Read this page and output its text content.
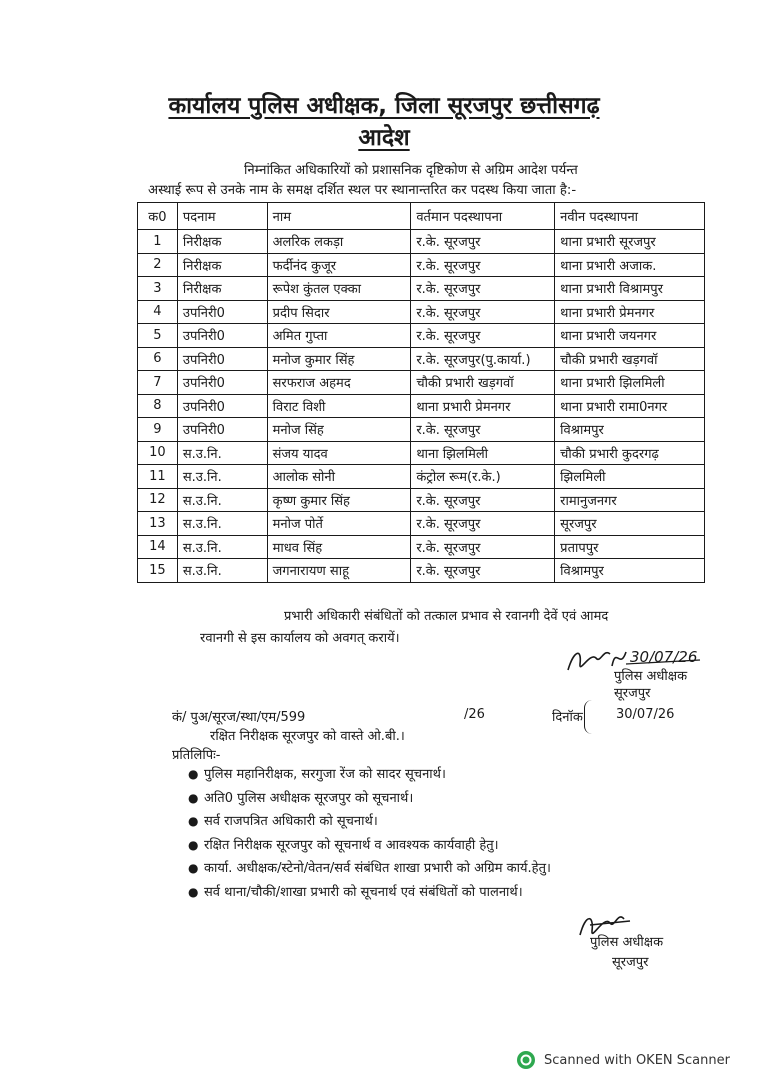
कार्यालय पुलिस अधीक्षक, जिला सूरजपुर छत्तीसगढ़
आदेश
निम्नांकित अधिकारियों को प्रशासनिक दृष्टिकोण से अग्रिम आदेश पर्यन्त
अस्थाई रूप से उनके नाम के समक्ष दर्शित स्थल पर स्थानान्तरित कर पदस्थ किया जाता है:-
क0	पदनाम	नाम	वर्तमान पदस्थापना	नवीन पदस्थापना
1	निरीक्षक	अलरिक लकड़ा	र.के. सूरजपुर	थाना प्रभारी सूरजपुर
2	निरीक्षक	फर्दीनंद कुजूर	र.के. सूरजपुर	थाना प्रभारी अजाक.
3	निरीक्षक	रूपेश कुंतल एक्का	र.के. सूरजपुर	थाना प्रभारी विश्रामपुर
4	उपनिरी0	प्रदीप सिदार	र.के. सूरजपुर	थाना प्रभारी प्रेमनगर
5	उपनिरी0	अमित गुप्ता	र.के. सूरजपुर	थाना प्रभारी जयनगर
6	उपनिरी0	मनोज कुमार सिंह	र.के. सूरजपुर(पु.कार्या.)	चौकी प्रभारी खड़गवॉ
7	उपनिरी0	सरफराज अहमद	चौकी प्रभारी खड़गवॉ	थाना प्रभारी झिलमिली
8	उपनिरी0	विराट विशी	थाना प्रभारी प्रेमनगर	थाना प्रभारी रामा0नगर
9	उपनिरी0	मनोज सिंह	र.के. सूरजपुर	विश्रामपुर
10	स.उ.नि.	संजय यादव	थाना झिलमिली	चौकी प्रभारी कुदरगढ़
11	स.उ.नि.	आलोक सोनी	कंट्रोल रूम(र.के.)	झिलमिली
12	स.उ.नि.	कृष्ण कुमार सिंह	र.के. सूरजपुर	रामानुजनगर
13	स.उ.नि.	मनोज पोर्ते	र.के. सूरजपुर	सूरजपुर
14	स.उ.नि.	माधव सिंह	र.के. सूरजपुर	प्रतापपुर
15	स.उ.नि.	जगनारायण साहू	र.के. सूरजपुर	विश्रामपुर
प्रभारी अधिकारी संबंधितों को तत्काल प्रभाव से रवानगी देवें एवं आमद
रवानगी से इस कार्यालय को अवगत् करायें।
30/07/26
पुलिस अधीक्षक
सूरजपुर
कं/ पुअ/सूरज/स्था/एम/599	/26	दिनॉक	30/07/26
रक्षित निरीक्षक सूरजपुर को वास्ते ओ.बी.।
प्रतिलिपिः-
● पुलिस महानिरीक्षक, सरगुजा रेंज को सादर सूचनार्थ।
● अति0 पुलिस अधीक्षक सूरजपुर को सूचनार्थ।
● सर्व राजपत्रित अधिकारी को सूचनार्थ।
● रक्षित निरीक्षक सूरजपुर को सूचनार्थ व आवश्यक कार्यवाही हेतु।
● कार्या. अधीक्षक/स्टेनो/वेतन/सर्व संबंधित शाखा प्रभारी को अग्रिम कार्य.हेतु।
● सर्व थाना/चौकी/शाखा प्रभारी को सूचनार्थ एवं संबंधितों को पालनार्थ।
पुलिस अधीक्षक
सूरजपुर
Scanned with OKEN Scanner
